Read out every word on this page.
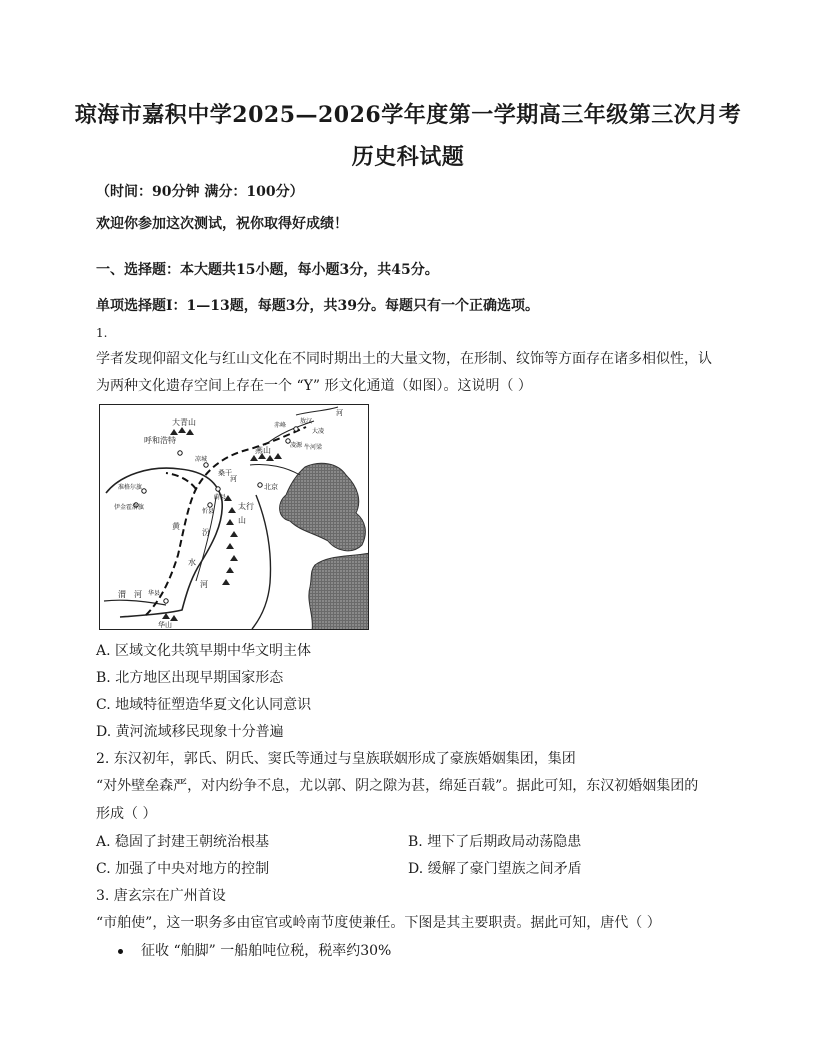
琼海市嘉积中学2025—2026学年度第一学期高三年级第三次月考
历史科试题
（时间：90分钟 满分：100分）
欢迎你参加这次测试，祝你取得好成绩！
一、选择题：本大题共15小题，每小题3分，共45分。
单项选择题Ⅰ：1—13题，每题3分，共39分。每题只有一个正确选项。
1.
学者发现仰韶文化与红山文化在不同时期出土的大量文物，在形制、纹饰等方面存在诸多相似性，认
为两种文化遗存空间上存在一个 “Y” 形文化通道（如图）。这说明（ ）
大青山
呼和浩特
凉城
准格尔旗
伊金霍洛旗
燕山
北京
太行
山
汾
水
黄
河
渭 河
华山
华县
赤峰
敖汉
大凌
凌源 牛河梁
桑干
河
蔚县
忻县
河
A. 区域文化共筑早期中华文明主体
B. 北方地区出现早期国家形态
C. 地域特征塑造华夏文化认同意识
D. 黄河流域移民现象十分普遍
2. 东汉初年，郭氏、阴氏、窦氏等通过与皇族联姻形成了豪族婚姻集团，集团
“对外壁垒森严，对内纷争不息，尤以郭、阴之隙为甚，绵延百载”。据此可知，东汉初婚姻集团的
形成（ ）
A. 稳固了封建王朝统治根基	B. 埋下了后期政局动荡隐患
C. 加强了中央对地方的控制	D. 缓解了豪门望族之间矛盾
3. 唐玄宗在广州首设
“市舶使”，这一职务多由宦官或岭南节度使兼任。下图是其主要职责。据此可知，唐代（ ）
征收 “舶脚” 一船舶吨位税，税率约30%
